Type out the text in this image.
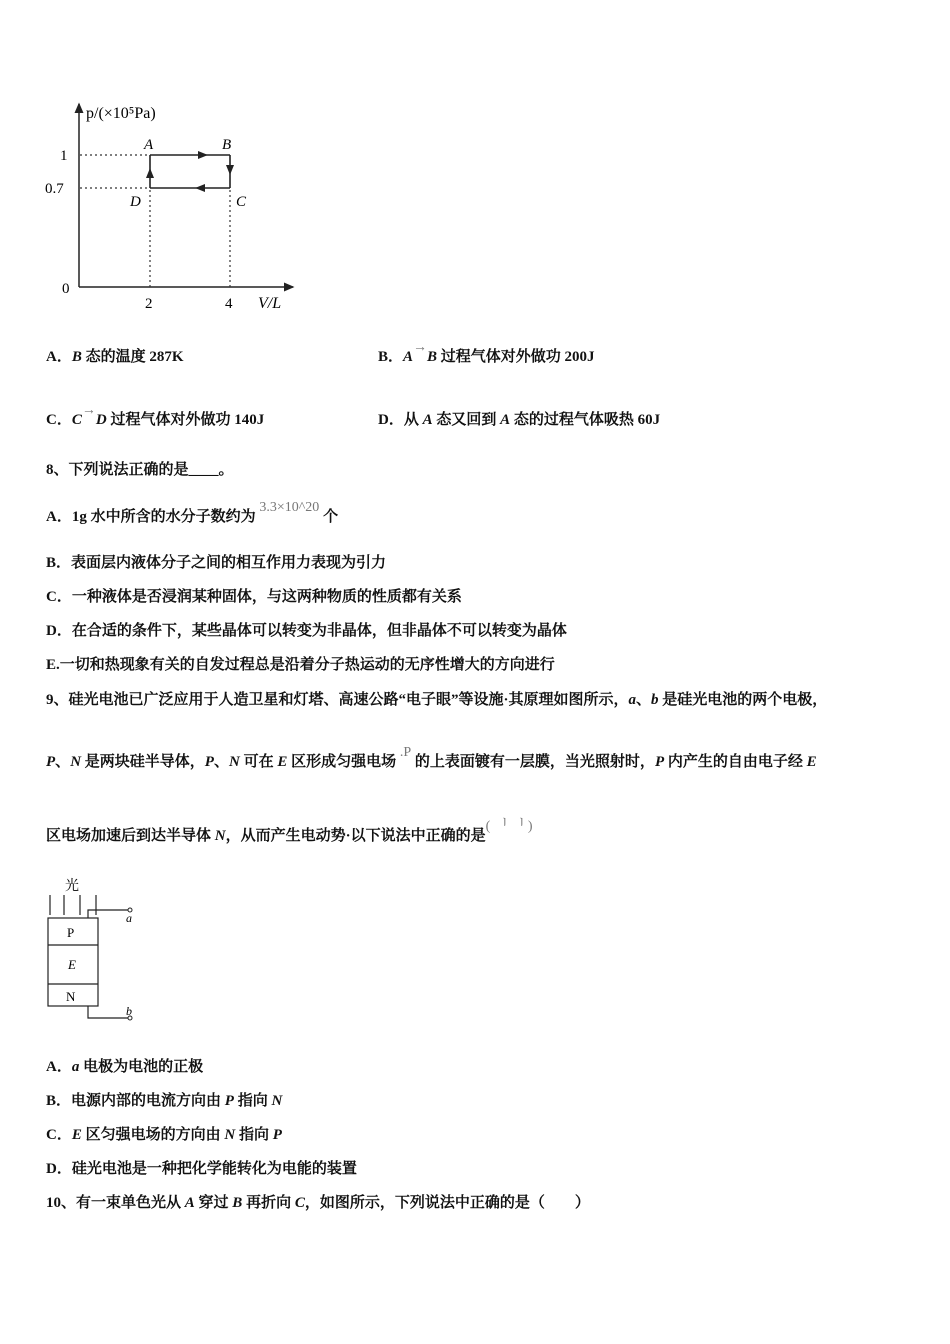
p/(×10⁵Pa)
V/L
1
0.7
0
2	4
A	B
C
D
A．B 态的温度 287K	B．A→B 过程气体对外做功 200J
C．C→D 过程气体对外做功 140J	D．从 A 态又回到 A 态的过程气体吸热 60J
8、下列说法正确的是____。
A．1g 水中所含的水分子数约为 3.3×10^20 个
B．表面层内液体分子之间的相互作用力表现为引力
C．一种液体是否浸润某种固体，与这两种物质的性质都有关系
D．在合适的条件下，某些晶体可以转变为非晶体，但非晶体不可以转变为晶体
E.一切和热现象有关的自发过程总是沿着分子热运动的无序性增大的方向进行
9、硅光电池已广泛应用于人造卫星和灯塔、高速公路“电子眼”等设施·其原理如图所示，a、b 是硅光电池的两个电极，
P、N 是两块硅半导体，P、N 可在 E 区形成匀强电场 .P 的上表面镀有一层膜，当光照射时，P 内产生的自由电子经 E
区电场加速后到达半导体 N，从而产生电动势·以下说法中正确的是( ᅵ ᅵ )
A．a 电极为电池的正极
B．电源内部的电流方向由 P 指向 N
C．E 区匀强电场的方向由 N 指向 P
D．硅光电池是一种把化学能转化为电能的装置
10、有一束单色光从 A 穿过 B 再折向 C，如图所示，下列说法中正确的是（　　）
光
P
E
N
a
b
